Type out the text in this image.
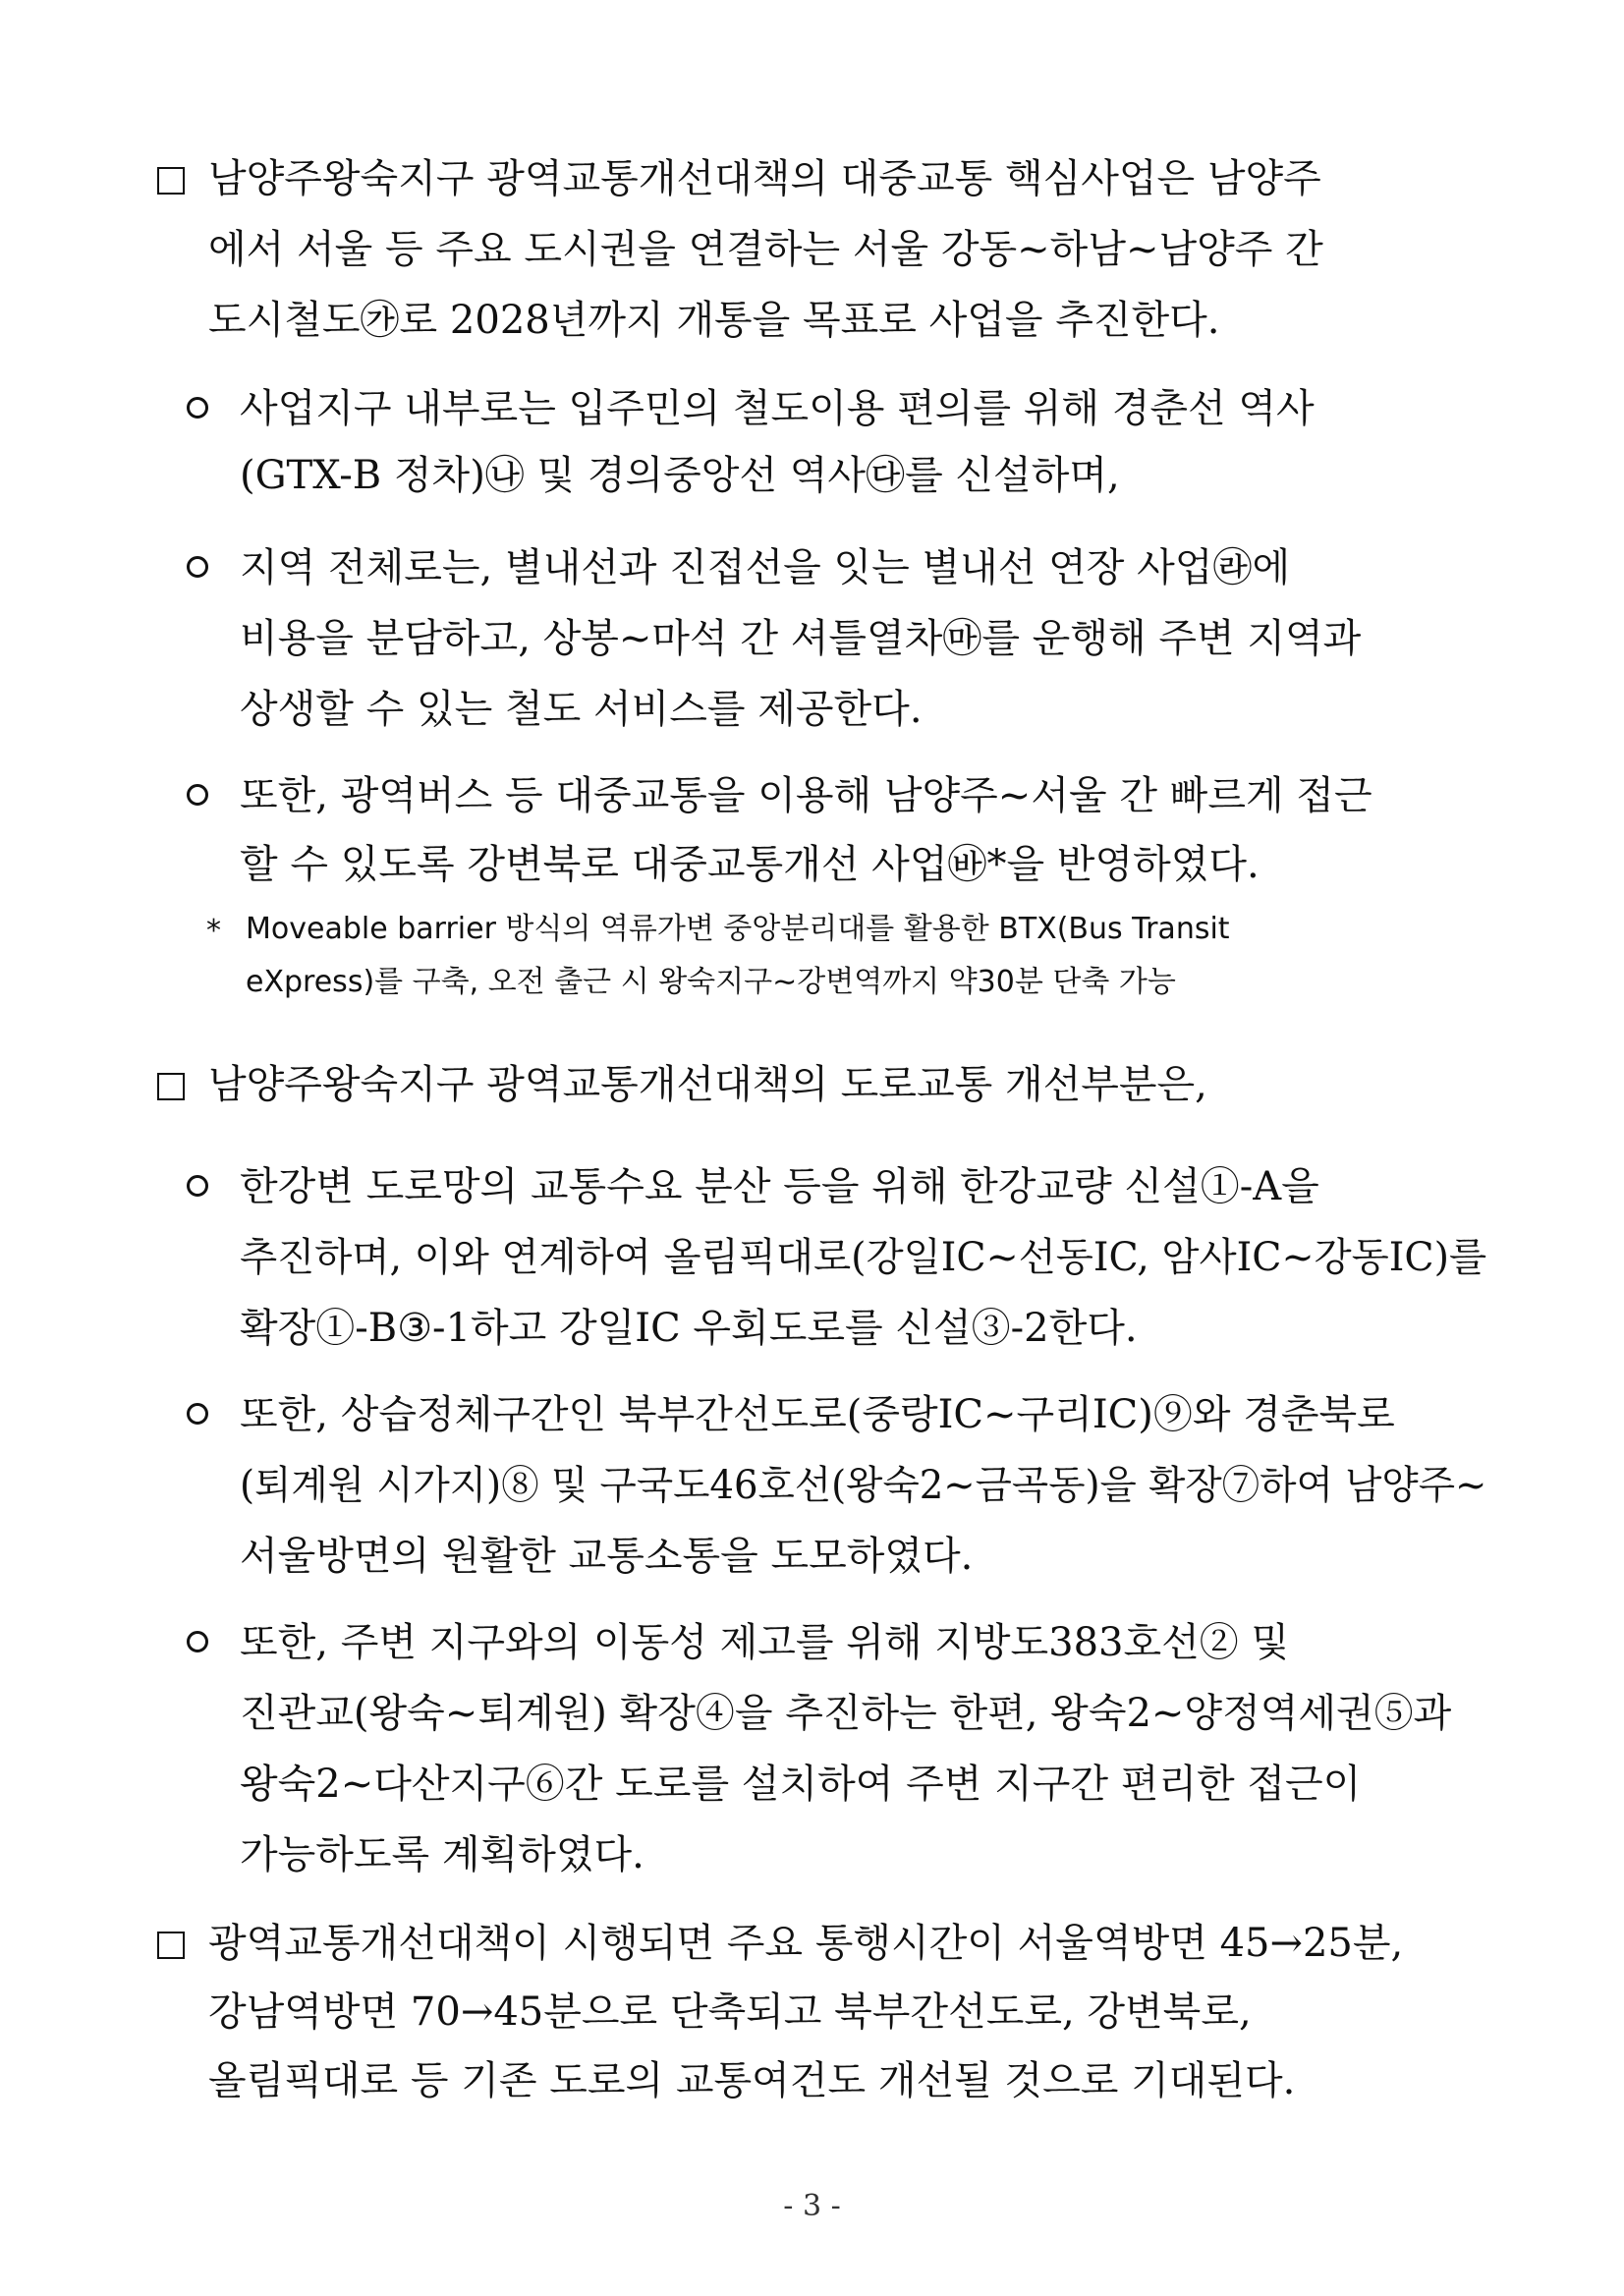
남양주왕숙지구 광역교통개선대책의 대중교통 핵심사업은 남양주
에서 서울 등 주요 도시권을 연결하는 서울 강동~하남~남양주 간
도시철도㉮로 2028년까지 개통을 목표로 사업을 추진한다.
사업지구 내부로는 입주민의 철도이용 편의를 위해 경춘선 역사
(GTX-B 정차)㉯ 및 경의중앙선 역사㉰를 신설하며,
지역 전체로는, 별내선과 진접선을 잇는 별내선 연장 사업㉱에
비용을 분담하고, 상봉~마석 간 셔틀열차㉲를 운행해 주변 지역과
상생할 수 있는 철도 서비스를 제공한다.
또한, 광역버스 등 대중교통을 이용해 남양주~서울 간 빠르게 접근
할 수 있도록 강변북로 대중교통개선 사업㉳*을 반영하였다.
* Moveable barrier 방식의 역류가변 중앙분리대를 활용한 BTX(Bus Transit
eXpress)를 구축, 오전 출근 시 왕숙지구∼강변역까지 약30분 단축 가능
남양주왕숙지구 광역교통개선대책의 도로교통 개선부분은,
한강변 도로망의 교통수요 분산 등을 위해 한강교량 신설①-A을
추진하며, 이와 연계하여 올림픽대로(강일IC~선동IC, 암사IC~강동IC)를
확장①-B③-1하고 강일IC 우회도로를 신설③-2한다.
또한, 상습정체구간인 북부간선도로(중랑IC~구리IC)⑨와 경춘북로
(퇴계원 시가지)⑧ 및 구국도46호선(왕숙2~금곡동)을 확장⑦하여 남양주~
서울방면의 원활한 교통소통을 도모하였다.
또한, 주변 지구와의 이동성 제고를 위해 지방도383호선② 및
진관교(왕숙~퇴계원) 확장④을 추진하는 한편, 왕숙2~양정역세권⑤과
왕숙2~다산지구⑥간 도로를 설치하여 주변 지구간 편리한 접근이
가능하도록 계획하였다.
광역교통개선대책이 시행되면 주요 통행시간이 서울역방면 45→25분,
강남역방면 70→45분으로 단축되고 북부간선도로, 강변북로,
올림픽대로 등 기존 도로의 교통여건도 개선될 것으로 기대된다.
- 3 -
